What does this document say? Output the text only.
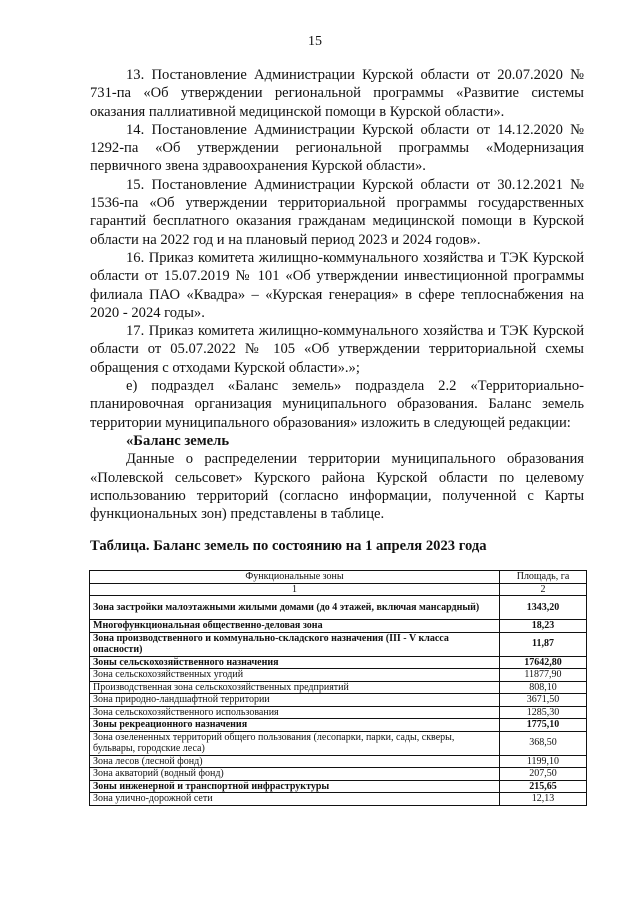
15

13. Постановление Администрации Курской области от 20.07.2020 № 731-па «Об утверждении региональной программы «Развитие системы оказания паллиативной медицинской помощи в Курской области».

14. Постановление Администрации Курской области от 14.12.2020 № 1292-па «Об утверждении региональной программы «Модернизация первичного звена здравоохранения Курской области».

15. Постановление Администрации Курской области от 30.12.2021 № 1536-па «Об утверждении территориальной программы государственных гарантий бесплатного оказания гражданам медицинской помощи в Курской области на 2022 год и на плановый период 2023 и 2024 годов».

16. Приказ комитета жилищно-коммунального хозяйства и ТЭК Курской области от 15.07.2019 № 101 «Об утверждении инвестиционной программы филиала ПАО «Квадра» – «Курская генерация» в сфере теплоснабжения на 2020 - 2024 годы».

17. Приказ комитета жилищно-коммунального хозяйства и ТЭК Курской области от 05.07.2022 № 105 «Об утверждении территориальной схемы обращения с отходами Курской области».»;

е) подраздел «Баланс земель» подраздела 2.2 «Территориально-планировочная организация муниципального образования. Баланс земель территории муниципального образования» изложить в следующей редакции:

«Баланс земель

Данные о распределении территории муниципального образования «Полевской сельсовет» Курского района Курской области по целевому использованию территорий (согласно информации, полученной с Карты функциональных зон) представлены в таблице.

Таблица. Баланс земель по состоянию на 1 апреля 2023 года

Функциональные зоны	Площадь, га
1	2
Зона застройки малоэтажными жилыми домами (до 4 этажей, включая мансардный)	1343,20
Многофункциональная общественно-деловая зона	18,23
Зона производственного и коммунально-складского назначения (III - V класса опасности)	11,87
Зоны сельскохозяйственного назначения	17642,80
Зона сельскохозяйственных угодий	11877,90
Производственная зона сельскохозяйственных предприятий	808,10
Зона природно-ландшафтной территории	3671,50
Зона сельскохозяйственного использования	1285,30
Зоны рекреационного назначения	1775,10
Зона озелененных территорий общего пользования (лесопарки, парки, сады, скверы, бульвары, городские леса)	368,50
Зона лесов (лесной фонд)	1199,10
Зона акваторий (водный фонд)	207,50
Зоны инженерной и транспортной инфраструктуры	215,65
Зона улично-дорожной сети	12,13
